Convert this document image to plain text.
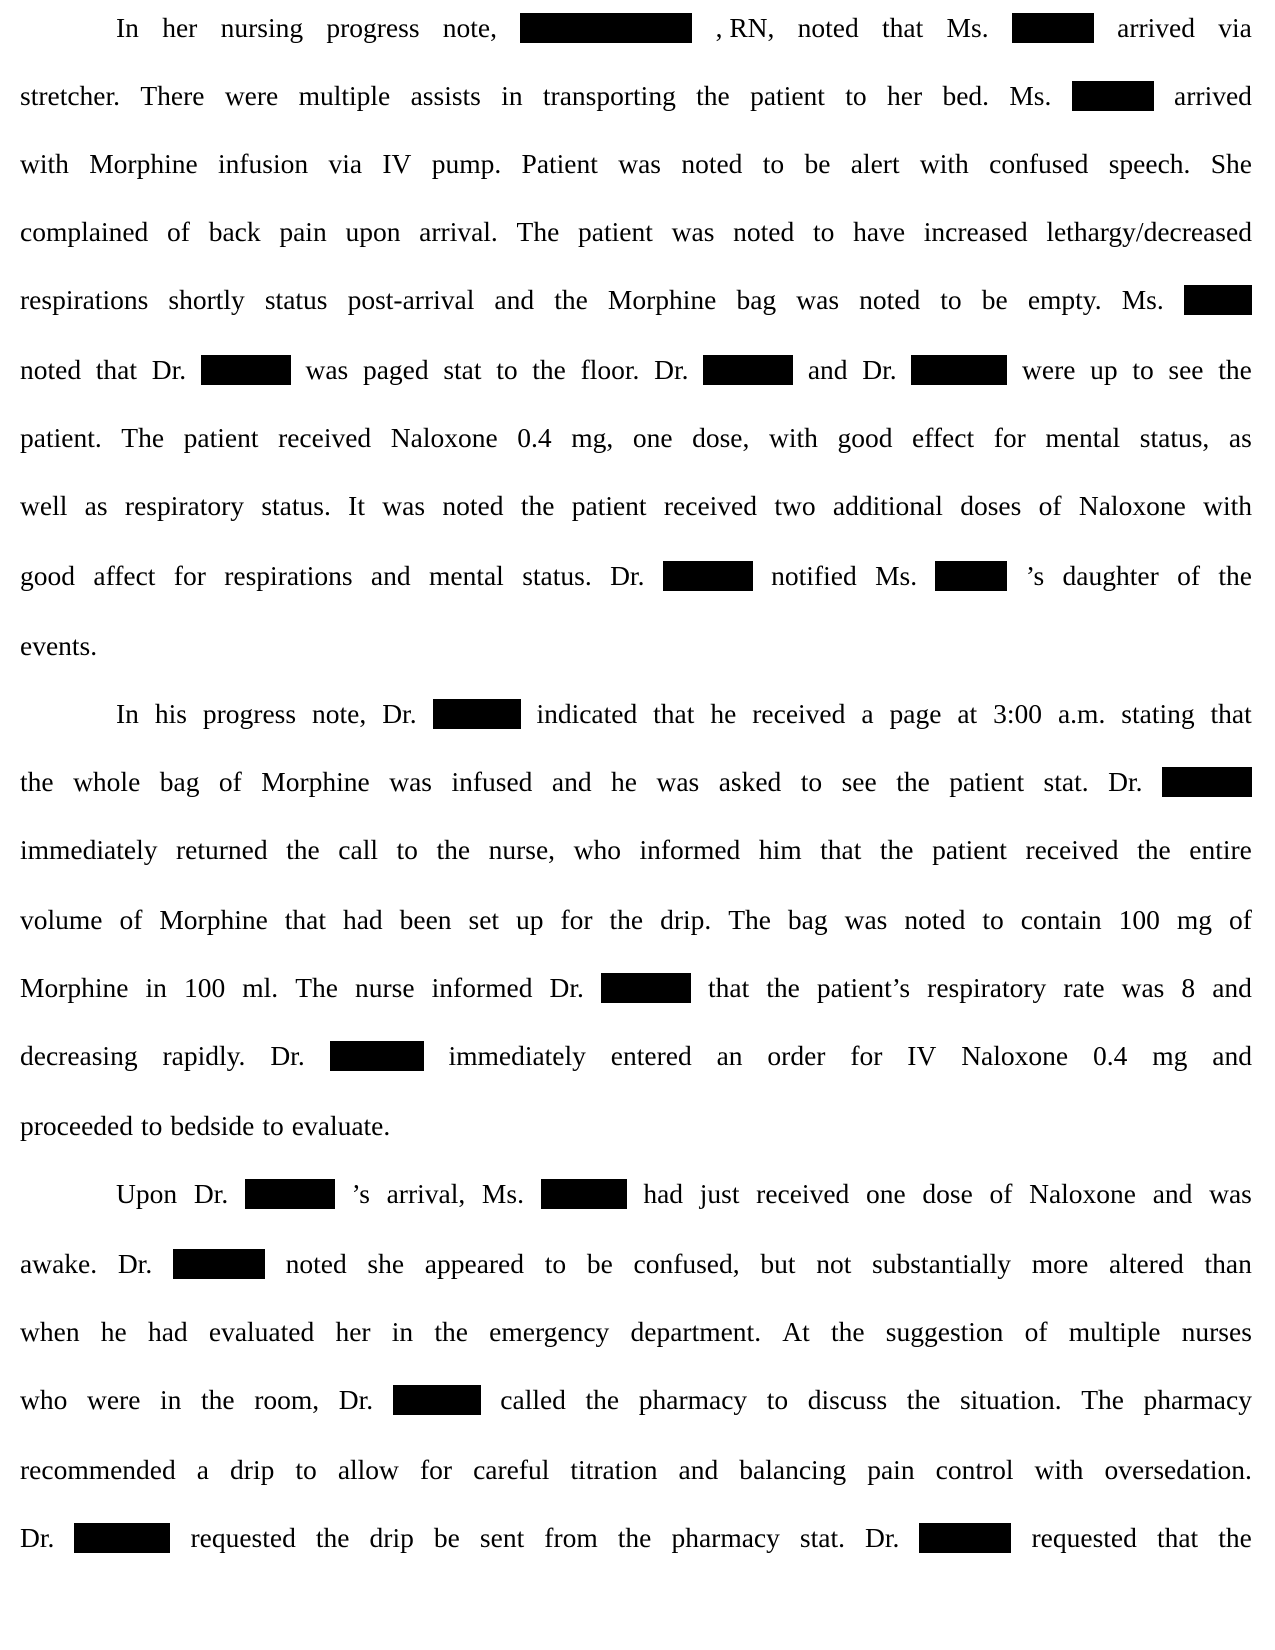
In her nursing progress note,	, RN, noted that Ms.	arrived via
stretcher. There were multiple assists in transporting the patient to her bed. Ms.	arrived
with Morphine infusion via IV pump. Patient was noted to be alert with confused speech. She
complained of back pain upon arrival. The patient was noted to have increased lethargy/decreased
respirations shortly status post-arrival and the Morphine bag was noted to be empty. Ms.
noted that Dr.	was paged stat to the floor. Dr.	and Dr.	were up to see the
patient. The patient received Naloxone 0.4 mg, one dose, with good effect for mental status, as
well as respiratory status. It was noted the patient received two additional doses of Naloxone with
good affect for respirations and mental status. Dr.	notified Ms.	’s daughter of the
events.
In his progress note, Dr.	indicated that he received a page at 3:00 a.m. stating that
the whole bag of Morphine was infused and he was asked to see the patient stat. Dr.
immediately returned the call to the nurse, who informed him that the patient received the entire
volume of Morphine that had been set up for the drip. The bag was noted to contain 100 mg of
Morphine in 100 ml. The nurse informed Dr.	that the patient’s respiratory rate was 8 and
decreasing rapidly. Dr.	immediately entered an order for IV Naloxone 0.4 mg and
proceeded to bedside to evaluate.
Upon Dr.	’s arrival, Ms.	had just received one dose of Naloxone and was
awake. Dr.	noted she appeared to be confused, but not substantially more altered than
when he had evaluated her in the emergency department. At the suggestion of multiple nurses
who were in the room, Dr.	called the pharmacy to discuss the situation. The pharmacy
recommended a drip to allow for careful titration and balancing pain control with oversedation.
Dr.	requested the drip be sent from the pharmacy stat. Dr.	requested that the
